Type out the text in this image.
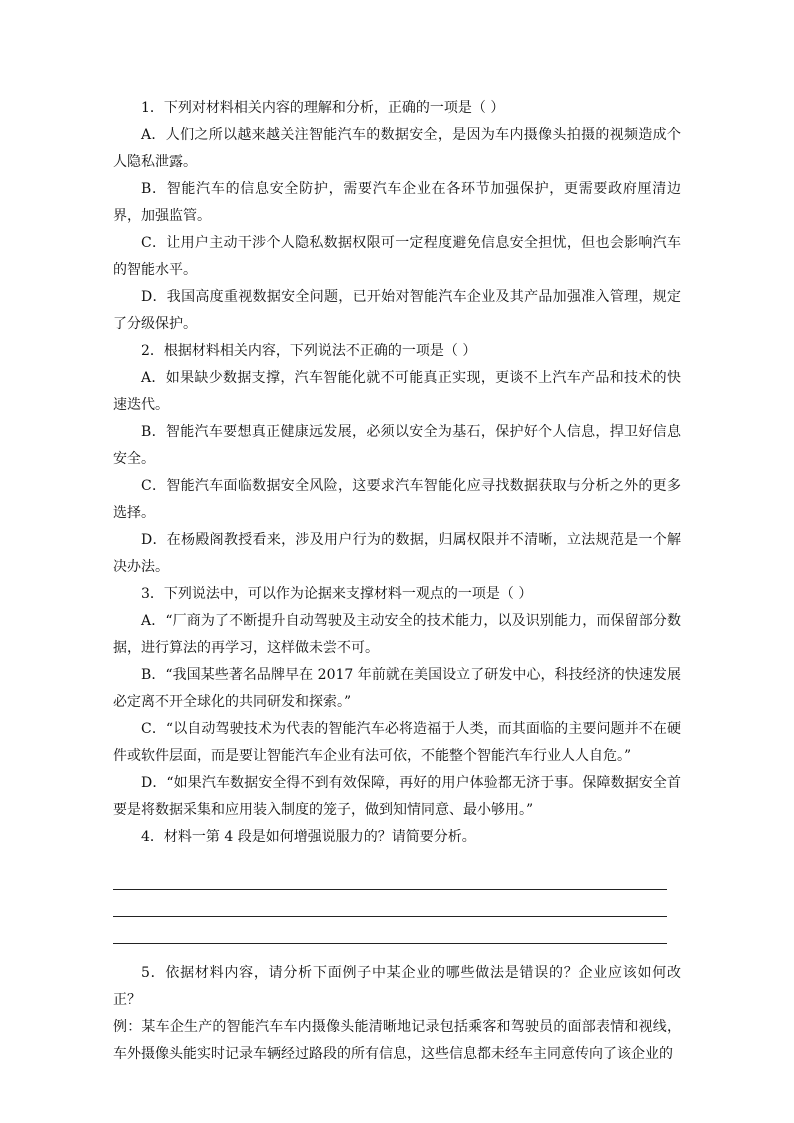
1．下列对材料相关内容的理解和分析，正确的一项是（ ）

A．人们之所以越来越关注智能汽车的数据安全，是因为车内摄像头拍摄的视频造成个人隐私泄露。

B．智能汽车的信息安全防护，需要汽车企业在各环节加强保护，更需要政府厘清边界，加强监管。

C．让用户主动干涉个人隐私数据权限可一定程度避免信息安全担忧，但也会影响汽车的智能水平。

D．我国高度重视数据安全问题，已开始对智能汽车企业及其产品加强准入管理，规定了分级保护。

2．根据材料相关内容，下列说法不正确的一项是（ ）

A．如果缺少数据支撑，汽车智能化就不可能真正实现，更谈不上汽车产品和技术的快速迭代。

B．智能汽车要想真正健康远发展，必须以安全为基石，保护好个人信息，捍卫好信息安全。

C．智能汽车面临数据安全风险，这要求汽车智能化应寻找数据获取与分析之外的更多选择。

D．在杨殿阁教授看来，涉及用户行为的数据，归属权限并不清晰，立法规范是一个解决办法。

3．下列说法中，可以作为论据来支撑材料一观点的一项是（ ）

A．“厂商为了不断提升自动驾驶及主动安全的技术能力，以及识别能力，而保留部分数据，进行算法的再学习，这样做未尝不可。

B．“我国某些著名品牌早在 2017 年前就在美国设立了研发中心，科技经济的快速发展必定离不开全球化的共同研发和探索。”

C．“以自动驾驶技术为代表的智能汽车必将造福于人类，而其面临的主要问题并不在硬件或软件层面，而是要让智能汽车企业有法可依，不能整个智能汽车行业人人自危。”

D．“如果汽车数据安全得不到有效保障，再好的用户体验都无济于事。保障数据安全首要是将数据采集和应用装入制度的笼子，做到知情同意、最小够用。”

4．材料一第 4 段是如何增强说服力的？请简要分析。

5．依据材料内容，请分析下面例子中某企业的哪些做法是错误的？企业应该如何改正？

例：某车企生产的智能汽车车内摄像头能清晰地记录包括乘客和驾驶员的面部表情和视线，车外摄像头能实时记录车辆经过路段的所有信息，这些信息都未经车主同意传向了该企业的
